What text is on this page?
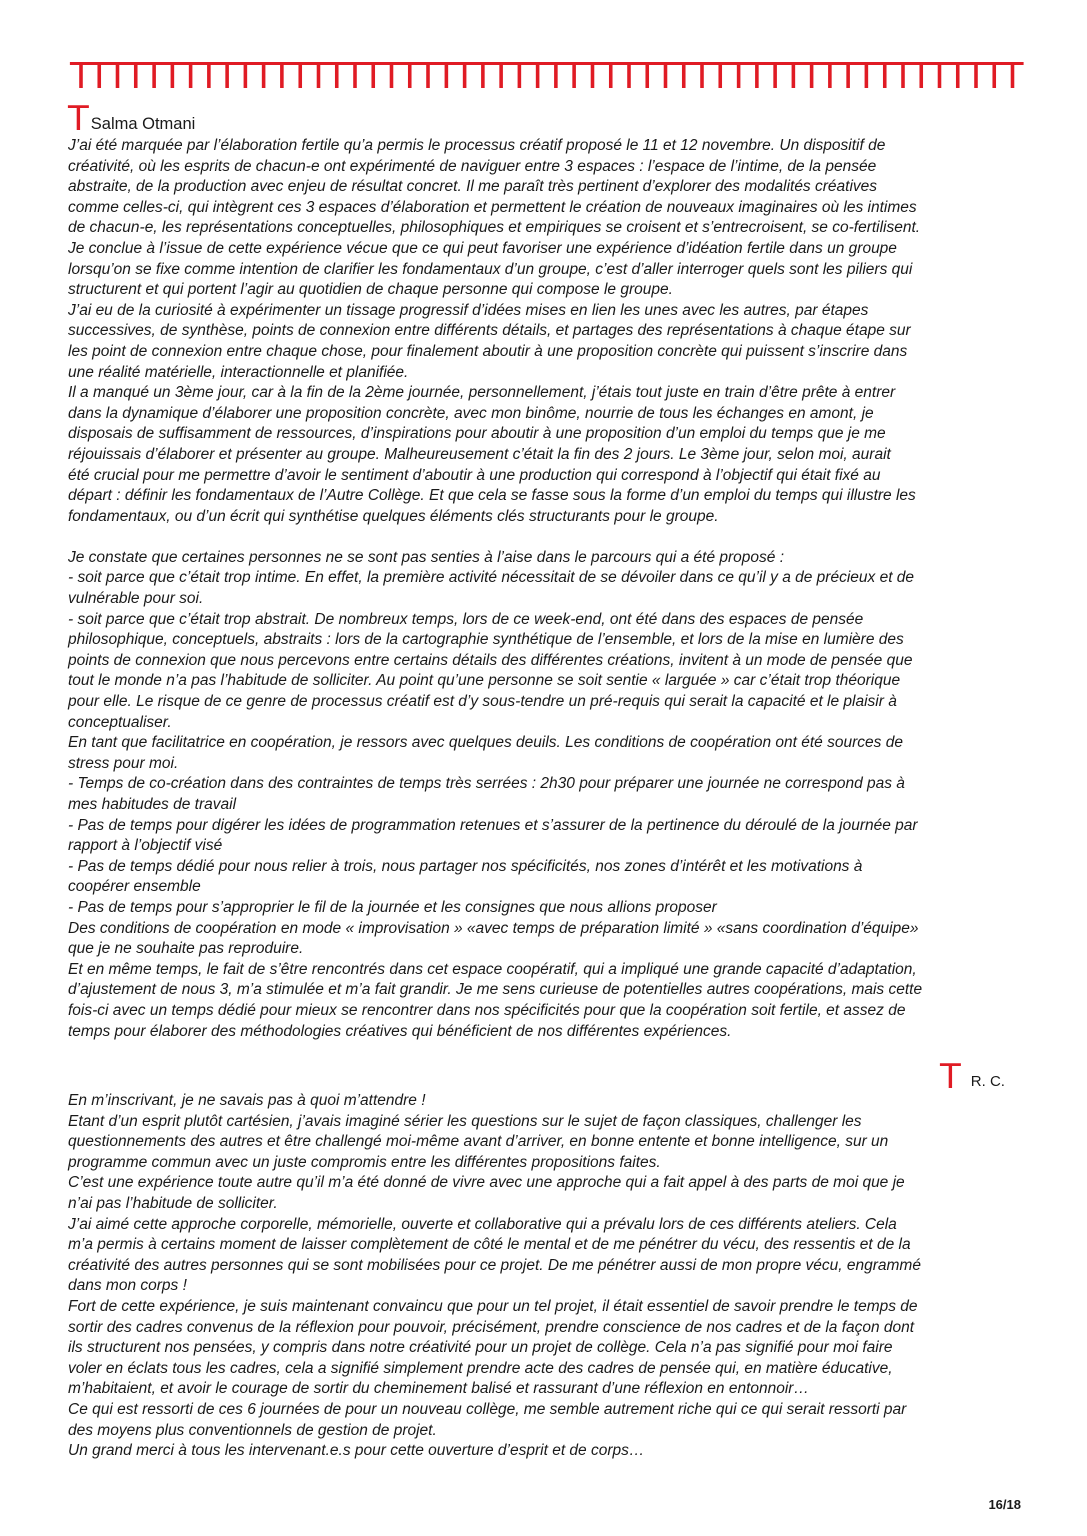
T
T
T
T
T
T
T
T
T
T
T
T
T
T
T
T
T
T
T
T
T
T
T
T
T
T
T
T
T
T
T
T
T
T
T
T
T
T
T
T
T
T
T
T
T
T
T
T
T
T
T
T
T Salma Otmani

J’ai été marquée par l’élaboration fertile qu’a permis le processus créatif proposé le 11 et 12 novembre. Un dispositif de

créativité, où les esprits de chacun-e ont expérimenté de naviguer entre 3 espaces : l’espace de l’intime, de la pensée

abstraite, de la production avec enjeu de résultat concret. Il me paraît très pertinent d’explorer des modalités créatives

comme celles-ci, qui intègrent ces 3 espaces d’élaboration et permettent le création de nouveaux imaginaires où les intimes

de chacun-e, les représentations conceptuelles, philosophiques et empiriques se croisent et s’entrecroisent, se co-fertilisent.

Je conclue à l’issue de cette expérience vécue que ce qui peut favoriser une expérience d’idéation fertile dans un groupe

lorsqu’on se fixe comme intention de clarifier les fondamentaux d’un groupe, c’est d’aller interroger quels sont les piliers qui

structurent et qui portent l’agir au quotidien de chaque personne qui compose le groupe.

J’ai eu de la curiosité à expérimenter un tissage progressif d’idées mises en lien les unes avec les autres, par étapes

successives, de synthèse, points de connexion entre différents détails, et partages des représentations à chaque étape sur

les point de connexion entre chaque chose, pour finalement aboutir à une proposition concrète qui puissent s’inscrire dans

une réalité matérielle, interactionnelle et planifiée.

Il a manqué un 3ème jour, car à la fin de la 2ème journée, personnellement, j’étais tout juste en train d’être prête à entrer

dans la dynamique d’élaborer une proposition concrète, avec mon binôme, nourrie de tous les échanges en amont, je

disposais de suffisamment de ressources, d’inspirations pour aboutir à une proposition d’un emploi du temps que je me

réjouissais d’élaborer et présenter au groupe. Malheureusement c’était la fin des 2 jours. Le 3ème jour, selon moi, aurait

été crucial pour me permettre d’avoir le sentiment d’aboutir à une production qui correspond à l’objectif qui était fixé au

départ : définir les fondamentaux de l’Autre Collège. Et que cela se fasse sous la forme d’un emploi du temps qui illustre les

fondamentaux, ou d’un écrit qui synthétise quelques éléments clés structurants pour le groupe.

Je constate que certaines personnes ne se sont pas senties à l’aise dans le parcours qui a été proposé :

- soit parce que c’était trop intime. En effet, la première activité nécessitait de se dévoiler dans ce qu’il y a de précieux et de

vulnérable pour soi.

- soit parce que c’était trop abstrait. De nombreux temps, lors de ce week-end, ont été dans des espaces de pensée

philosophique, conceptuels, abstraits : lors de la cartographie synthétique de l’ensemble, et lors de la mise en lumière des

points de connexion que nous percevons entre certains détails des différentes créations, invitent à un mode de pensée que

tout le monde n’a pas l’habitude de solliciter. Au point qu’une personne se soit sentie « larguée » car c’était trop théorique

pour elle. Le risque de ce genre de processus créatif est d’y sous-tendre un pré-requis qui serait la capacité et le plaisir à

conceptualiser.

En tant que facilitatrice en coopération, je ressors avec quelques deuils. Les conditions de coopération ont été sources de

stress pour moi.

- Temps de co-création dans des contraintes de temps très serrées : 2h30 pour préparer une journée ne correspond pas à

mes habitudes de travail

- Pas de temps pour digérer les idées de programmation retenues et s’assurer de la pertinence du déroulé de la journée par

rapport à l’objectif visé

- Pas de temps dédié pour nous relier à trois, nous partager nos spécificités, nos zones d’intérêt et les motivations à

coopérer ensemble

- Pas de temps pour s’approprier le fil de la journée et les consignes que nous allions proposer

Des conditions de coopération en mode « improvisation » «avec temps de préparation limité » «sans coordination d’équipe»

que je ne souhaite pas reproduire.

Et en même temps, le fait de s’être rencontrés dans cet espace coopératif, qui a impliqué une grande capacité d’adaptation,

d’ajustement de nous 3, m’a stimulée et m’a fait grandir. Je me sens curieuse de potentielles autres coopérations, mais cette

fois-ci avec un temps dédié pour mieux se rencontrer dans nos spécificités pour que la coopération soit fertile, et assez de

temps pour élaborer des méthodologies créatives qui bénéficient de nos différentes expériences.

T R. C.

En m’inscrivant, je ne savais pas à quoi m’attendre !

Etant d’un esprit plutôt cartésien, j’avais imaginé sérier les questions sur le sujet de façon classiques, challenger les

questionnements des autres et être challengé moi-même avant d’arriver, en bonne entente et bonne intelligence, sur un

programme commun avec un juste compromis entre les différentes propositions faites.

C’est une expérience toute autre qu’il m’a été donné de vivre avec une approche qui a fait appel à des parts de moi que je

n’ai pas l’habitude de solliciter.

J’ai aimé cette approche corporelle, mémorielle, ouverte et collaborative qui a prévalu lors de ces différents ateliers. Cela

m’a permis à certains moment de laisser complètement de côté le mental et de me pénétrer du vécu, des ressentis et de la

créativité des autres personnes qui se sont mobilisées pour ce projet. De me pénétrer aussi de mon propre vécu, engrammé

dans mon corps !

Fort de cette expérience, je suis maintenant convaincu que pour un tel projet, il était essentiel de savoir prendre le temps de

sortir des cadres convenus de la réflexion pour pouvoir, précisément, prendre conscience de nos cadres et de la façon dont

ils structurent nos pensées, y compris dans notre créativité pour un projet de collège. Cela n’a pas signifié pour moi faire

voler en éclats tous les cadres, cela a signifié simplement prendre acte des cadres de pensée qui, en matière éducative,

m’habitaient, et avoir le courage de sortir du cheminement balisé et rassurant d’une réflexion en entonnoir…

Ce qui est ressorti de ces 6 journées de pour un nouveau collège, me semble autrement riche qui ce qui serait ressorti par

des moyens plus conventionnels de gestion de projet.

Un grand merci à tous les intervenant.e.s pour cette ouverture d’esprit et de corps…

16/18
